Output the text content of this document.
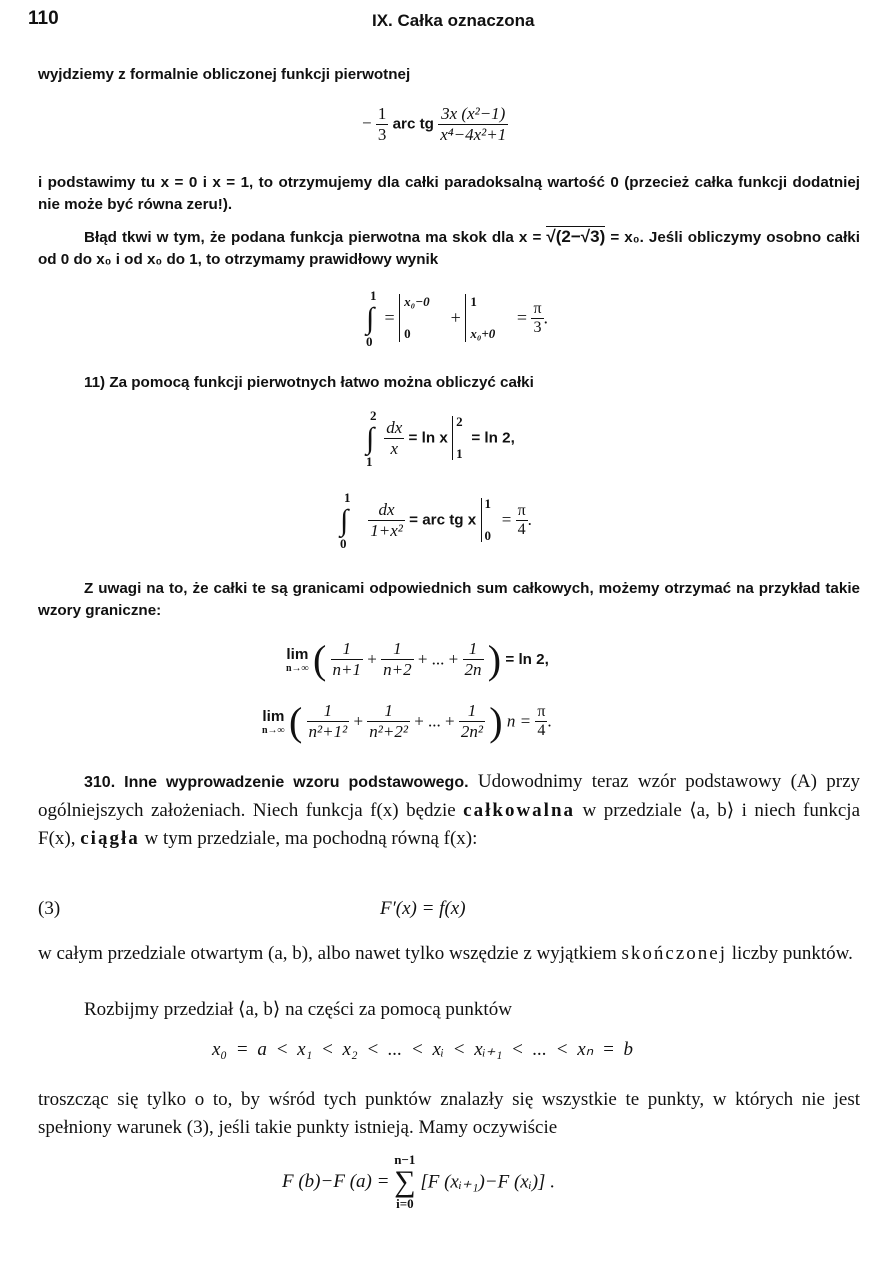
110	IX. Całka oznaczona

wyjdziemy z formalnie obliczonej funkcji pierwotnej

− $\frac{1}{3}$ arc tg $\frac{\text{3x (x²−1)}}{\text{x⁴−4x²+1}}$

i podstawimy tu x = 0 i x = 1, to otrzymujemy dla całki paradoksalną wartość 0 (przecież całka funkcji dodatniej nie może być równa zeru!).

Błąd tkwi w tym, że podana funkcja pierwotna ma skok dla x = √(2−√3) = x₀. Jeśli obliczymy osobno całki od 0 do x₀ i od x₀ do 1, to otrzymamy prawidłowy wynik

1
∫
0
=
x₀−0
0
+
1
x₀+0
= $\frac{\pi}{3}$ .

11) Za pomocą funkcji pierwotnych łatwo można obliczyć całki

2
∫
1

$\frac{dx}{x} = \ln x$
2
1
= ln 2,
1
∫
0

$\frac{dx}{\text{1+x²}}$ = arc tg x
1
0
= $\frac{\pi}{4}$ .

Z uwagi na to, że całki te są granicami odpowiednich sum całkowych, możemy otrzymać na przykład takie wzory graniczne:

lim
n→∞ ( $\frac{1}{n+1} + \frac{1}{n+2}$ + ... + $\frac{1}{2n}$ ) = ln 2,
lim
n→∞ ( $\frac{1}{\text{n²+1²}} + \frac{1}{\text{n²+2²}}$ + ... + $\frac{1}{\text{2n²}}$ ) $n = \frac{\pi}{4}$ .

310. Inne wyprowadzenie wzoru podstawowego. Udowodnimy teraz wzór podstawowy (A) przy ogólniejszych założeniach. Niech funkcja f(x) będzie całkowalna w przedziale ⟨a, b⟩ i niech funkcja F(x), ciągła w tym przedziale, ma pochodną równą f(x):

(3)	F′(x) = f(x)

w całym przedziale otwartym (a, b), albo nawet tylko wszędzie z wyjątkiem skończonej liczby punktów.

Rozbijmy przedział ⟨a, b⟩ na części za pomocą punktów

x₀ = a < x₁ < x₂ < ... < xᵢ < xᵢ₊₁ < ... < xₙ = b

troszcząc się tylko o to, by wśród tych punktów znalazły się wszystkie te punkty, w których nie jest spełniony warunek (3), jeśli takie punkty istnieją. Mamy oczywiście

F (b)−F (a) =
n−1
∑
i=0
[F (xᵢ₊₁)−F (xᵢ)] .
